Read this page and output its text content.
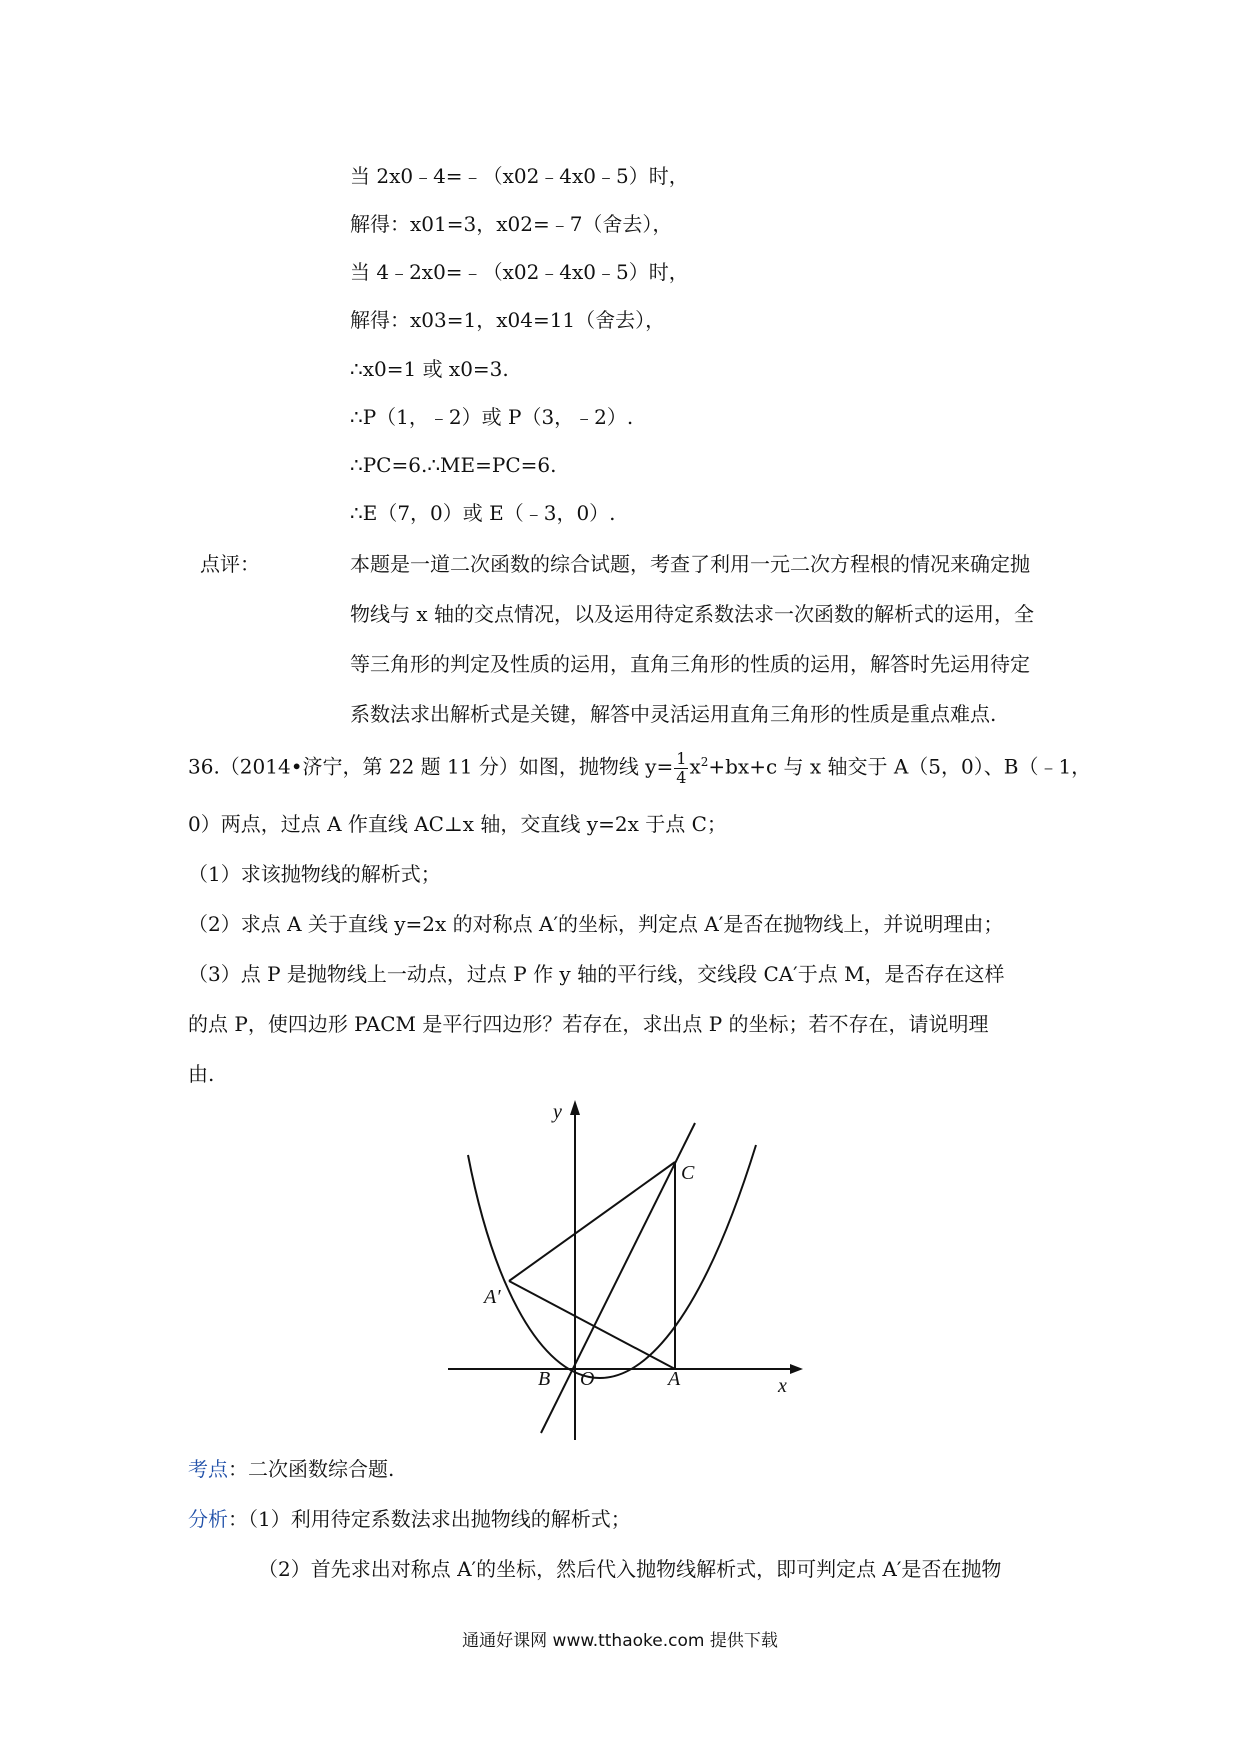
当 2x0﹣4=﹣（x02﹣4x0﹣5）时，
解得：x01=3，x02=﹣7（舍去），
当 4﹣2x0=﹣（x02﹣4x0﹣5）时，
解得：x03=1，x04=11（舍去），
∴x0=1 或 x0=3.
∴P（1，﹣2）或 P（3，﹣2）.
∴PC=6.∴ME=PC=6.
∴E（7，0）或 E（﹣3，0）.
点评：	本题是一道二次函数的综合试题，考查了利用一元二次方程根的情况来确定抛
物线与 x 轴的交点情况，以及运用待定系数法求一次函数的解析式的运用，全
等三角形的判定及性质的运用，直角三角形的性质的运用，解答时先运用待定
系数法求出解析式是关键，解答中灵活运用直角三角形的性质是重点难点.
36.（2014•济宁，第 22 题 11 分）如图，抛物线 $y= \frac{1}{4} x^2+bx+c$ 与 x 轴交于 A（5，0）、B（﹣1，
0）两点，过点 A 作直线 AC⊥x 轴，交直线 y=2x 于点 C；
（1）求该抛物线的解析式；
（2）求点 A 关于直线 y=2x 的对称点 A′的坐标，判定点 A′是否在抛物线上，并说明理由；
（3）点 P 是抛物线上一动点，过点 P 作 y 轴的平行线，交线段 CA′于点 M，是否存在这样
的点 P，使四边形 PACM 是平行四边形？若存在，求出点 P 的坐标；若不存在，请说明理
由.
y
x
C
A′
B O	A
考点：二次函数综合题.
分析：（1）利用待定系数法求出抛物线的解析式；
（2）首先求出对称点 A′的坐标，然后代入抛物线解析式，即可判定点 A′是否在抛物
通通好课网 www.tthaoke.com 提供下载
